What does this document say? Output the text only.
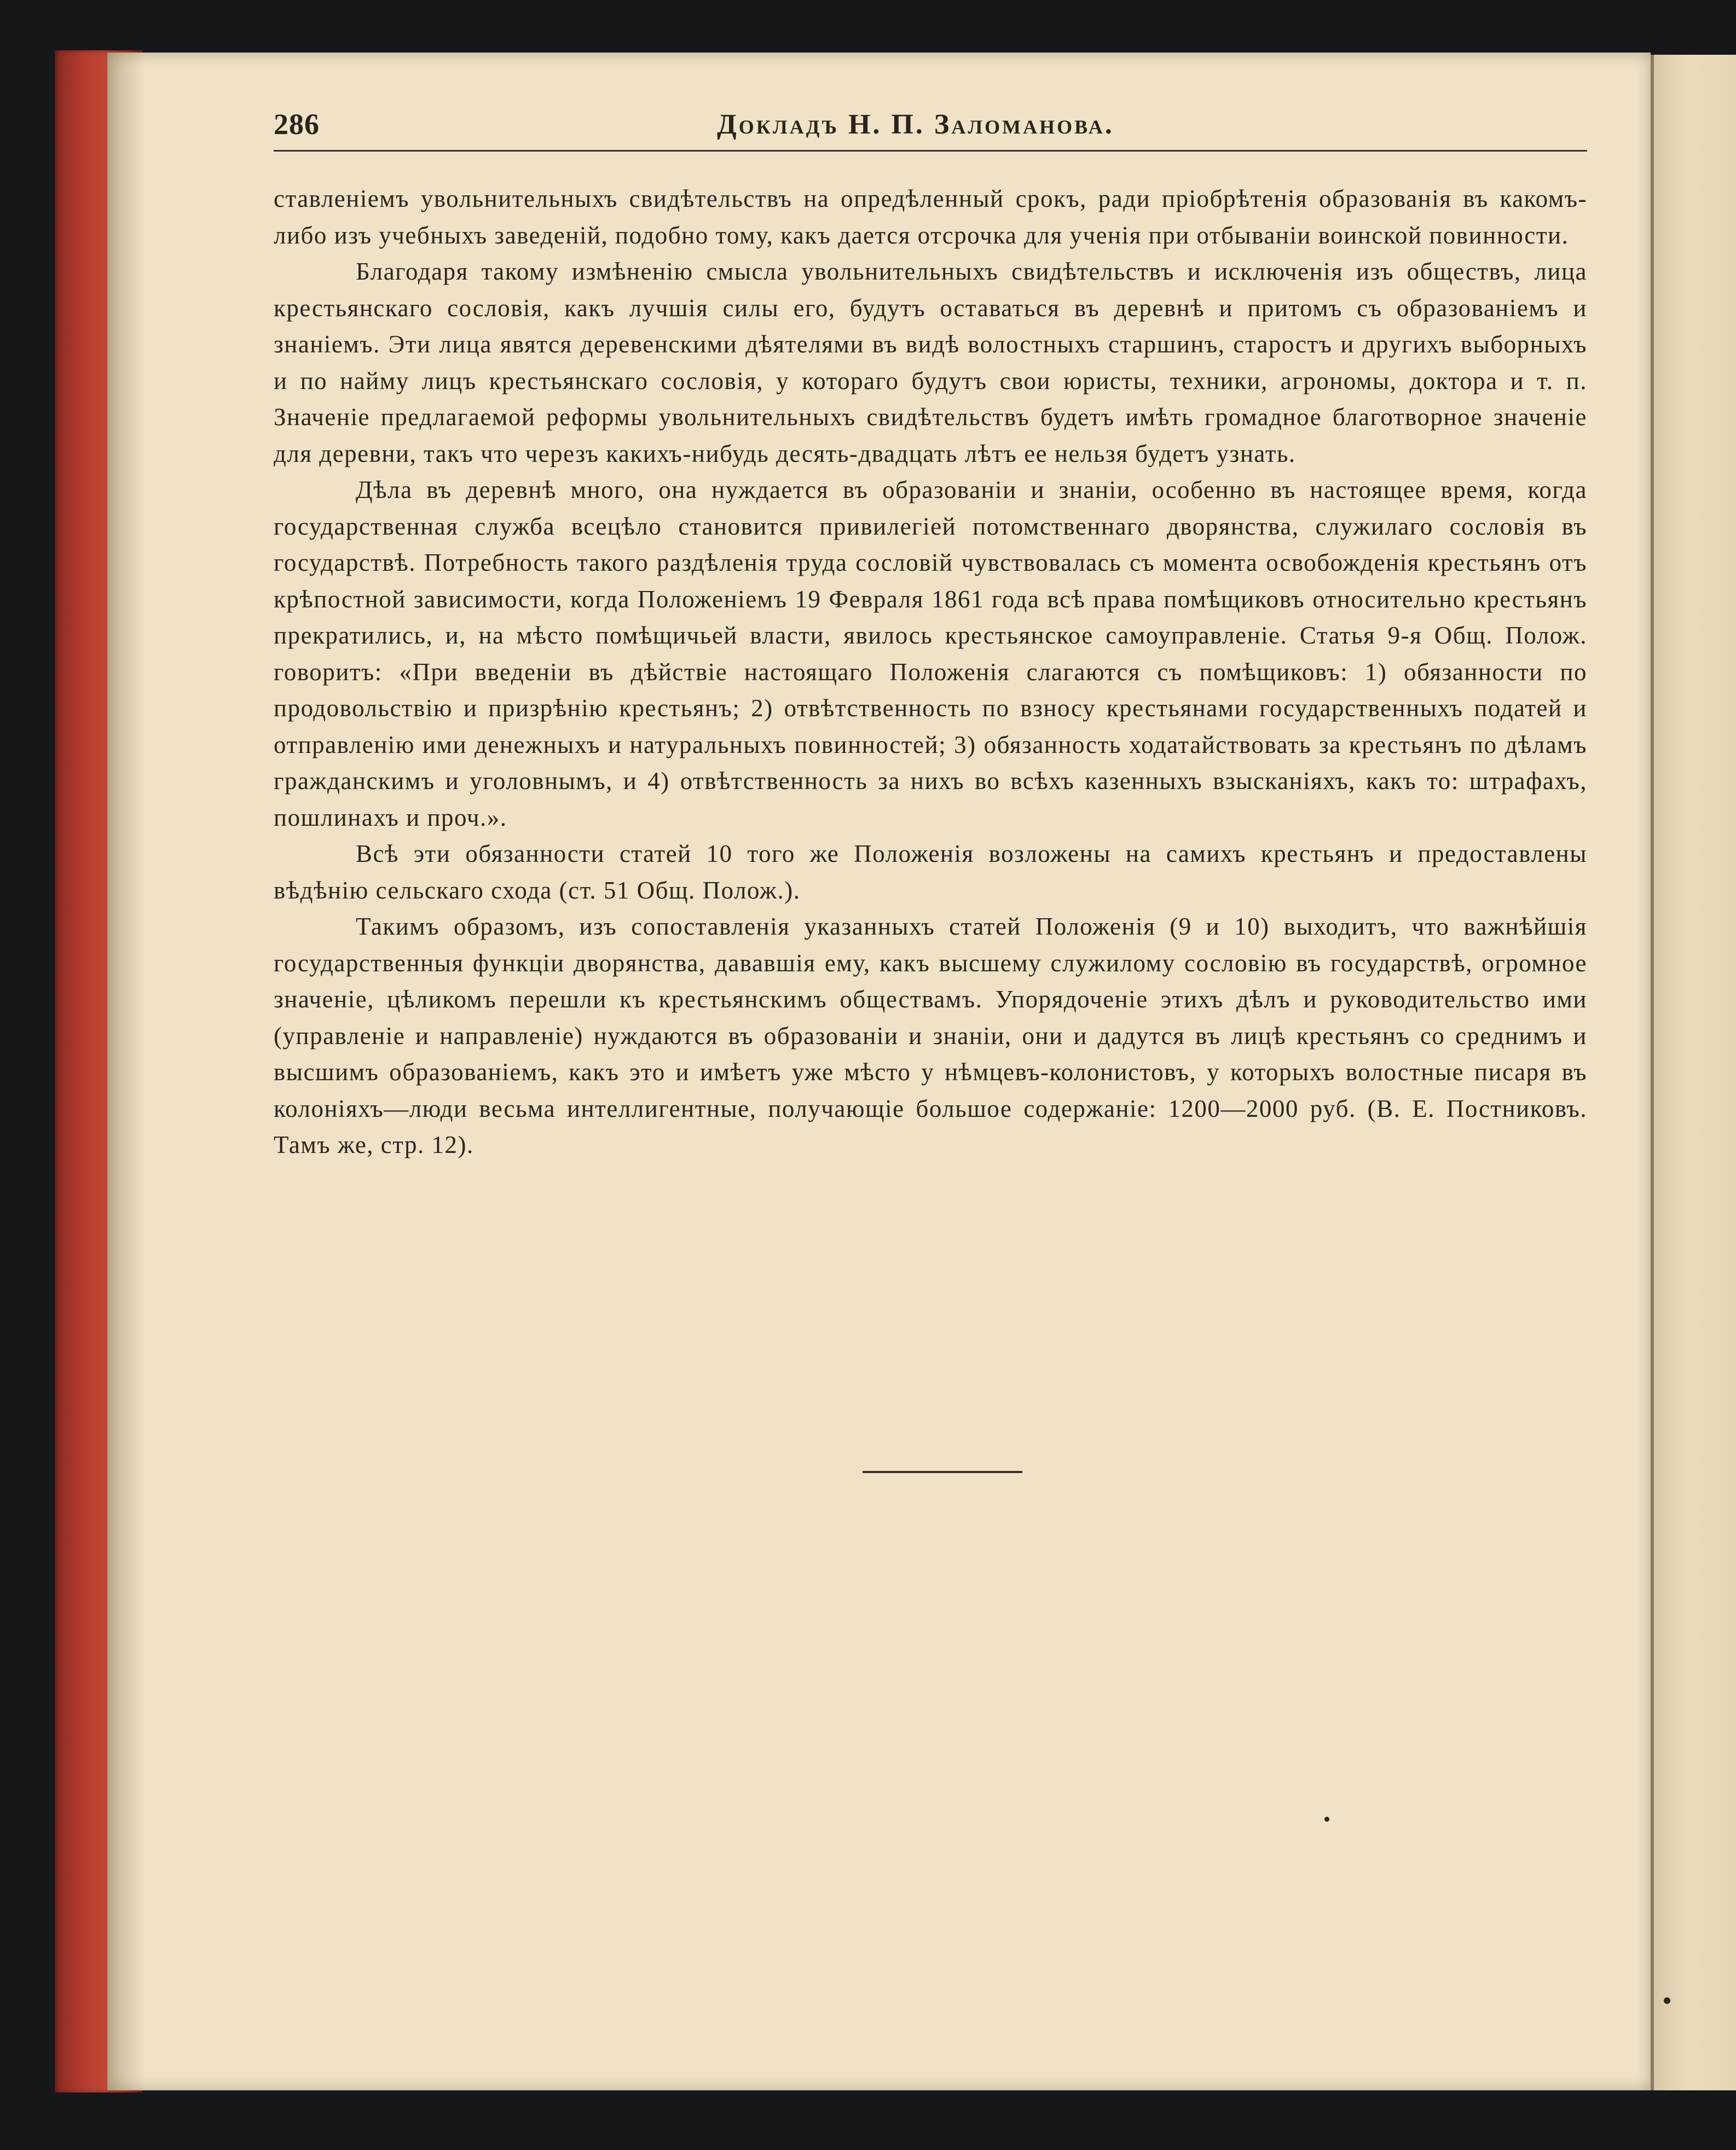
286	Докладъ Н. П. Заломанова.

ставленіемъ увольнительныхъ свидѣтельствъ на опредѣленный срокъ, ради пріобрѣтенія образованія въ какомъ-либо изъ учебныхъ заведеній, подобно тому, какъ дается отсрочка для ученія при отбываніи воинской повинности.

Благодаря такому измѣненію смысла увольнительныхъ свидѣтельствъ и исключенія изъ обществъ, лица крестьянскаго сословія, какъ лучшія силы его, будутъ оставаться въ деревнѣ и притомъ съ образованіемъ и знаніемъ. Эти лица явятся деревенскими дѣятелями въ видѣ волостныхъ старшинъ, старостъ и другихъ выборныхъ и по найму лицъ крестьянскаго сословія, у котораго будутъ свои юристы, техники, агрономы, доктора и т. п. Значеніе предлагаемой реформы увольнительныхъ свидѣтельствъ будетъ имѣть громадное благотворное значеніе для деревни, такъ что черезъ какихъ-нибудь десять-двадцать лѣтъ ее нельзя будетъ узнать.

Дѣла въ деревнѣ много, она нуждается въ образованіи и знаніи, особенно въ настоящее время, когда государственная служба всецѣло становится привилегіей потомственнаго дворянства, служилаго сословія въ государствѣ. Потребность такого раздѣленія труда сословій чувствовалась съ момента освобожденія крестьянъ отъ крѣпостной зависимости, когда Положеніемъ 19 Февраля 1861 года всѣ права помѣщиковъ относительно крестьянъ прекратились, и, на мѣсто помѣщичьей власти, явилось крестьянское самоуправленіе. Статья 9-я Общ. Полож. говоритъ: «При введеніи въ дѣйствіе настоящаго Положенія слагаются съ помѣщиковъ: 1) обязанности по продовольствію и призрѣнію крестьянъ; 2) отвѣтственность по взносу крестьянами государственныхъ податей и отправленію ими денежныхъ и натуральныхъ повинностей; 3) обязанность ходатайствовать за крестьянъ по дѣламъ гражданскимъ и уголовнымъ, и 4) отвѣтственность за нихъ во всѣхъ казенныхъ взысканіяхъ, какъ то: штрафахъ, пошлинахъ и проч.».

Всѣ эти обязанности статей 10 того же Положенія возложены на самихъ крестьянъ и предоставлены вѣдѣнію сельскаго схода (ст. 51 Общ. Полож.).

Такимъ образомъ, изъ сопоставленія указанныхъ статей Положенія (9 и 10) выходитъ, что важнѣйшія государственныя функціи дворянства, дававшія ему, какъ высшему служилому сословію въ государствѣ, огромное значеніе, цѣликомъ перешли къ крестьянскимъ обществамъ. Упорядоченіе этихъ дѣлъ и руководительство ими (управленіе и направленіе) нуждаются въ образованіи и знаніи, они и дадутся въ лицѣ крестьянъ со среднимъ и высшимъ образованіемъ, какъ это и имѣетъ уже мѣсто у нѣмцевъ-колонистовъ, у которыхъ волостные писаря въ колоніяхъ—люди весьма интеллигентные, получающіе большое содержаніе: 1200—2000 руб. (В. Е. Постниковъ. Тамъ же, стр. 12).
